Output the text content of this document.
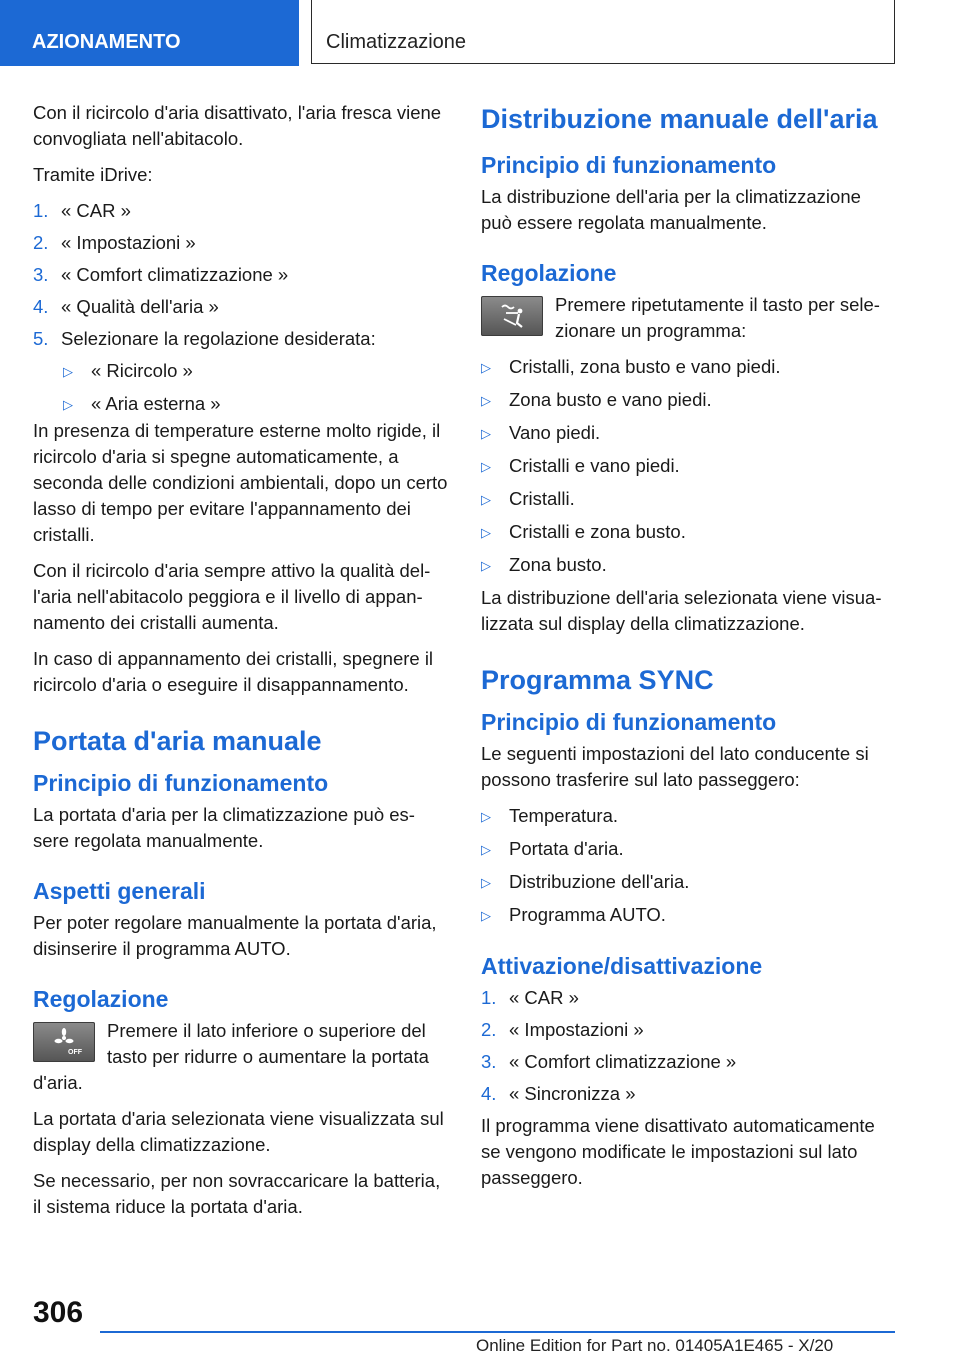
AZIONAMENTO	Climatizzazione

Con il ricircolo d'aria disattivato, l'aria fresca viene convogliata nell'abitacolo.

Tramite iDrive:

1. « CAR »
2. « Impostazioni »
3. « Comfort climatizzazione »
4. « Qualità dell'aria »
5. Selezionare la regolazione desiderata:
▷ « Ricircolo »
▷ « Aria esterna »

In presenza di temperature esterne molto rigide, il ricircolo d'aria si spegne automaticamente, a seconda delle condizioni ambientali, dopo un certo lasso di tempo per evitare l'appannamento dei cristalli.

Con il ricircolo d'aria sempre attivo la qualità del- l'aria nell'abitacolo peggiora e il livello di appan- namento dei cristalli aumenta.

In caso di appannamento dei cristalli, spegnere il ricircolo d'aria o eseguire il disappannamento.

Portata d'aria manuale
Principio di funzionamento

La portata d'aria per la climatizzazione può es- sere regolata manualmente.

Aspetti generali

Per poter regolare manualmente la portata d'aria, disinserire il programma AUTO.

Regolazione
OFF

Premere il lato inferiore o superiore del tasto per ridurre o aumentare la portata d'aria.

La portata d'aria selezionata viene visualizzata sul display della climatizzazione.

Se necessario, per non sovraccaricare la batteria, il sistema riduce la portata d'aria.

Distribuzione manuale dell'aria
Principio di funzionamento

La distribuzione dell'aria per la climatizzazione può essere regolata manualmente.

Regolazione

Premere ripetutamente il tasto per sele- zionare un programma:

▷ Cristalli, zona busto e vano piedi.
▷ Zona busto e vano piedi.
▷ Vano piedi.
▷ Cristalli e vano piedi.
▷ Cristalli.
▷ Cristalli e zona busto.
▷ Zona busto.

La distribuzione dell'aria selezionata viene visua- lizzata sul display della climatizzazione.

Programma SYNC
Principio di funzionamento

Le seguenti impostazioni del lato conducente si possono trasferire sul lato passeggero:

▷ Temperatura.
▷ Portata d'aria.
▷ Distribuzione dell'aria.
▷ Programma AUTO.
Attivazione/disattivazione
1. « CAR »
2. « Impostazioni »
3. « Comfort climatizzazione »
4. « Sincronizza »

Il programma viene disattivato automaticamente se vengono modificate le impostazioni sul lato passeggero.

306
Online Edition for Part no. 01405A1E465 - X/20
